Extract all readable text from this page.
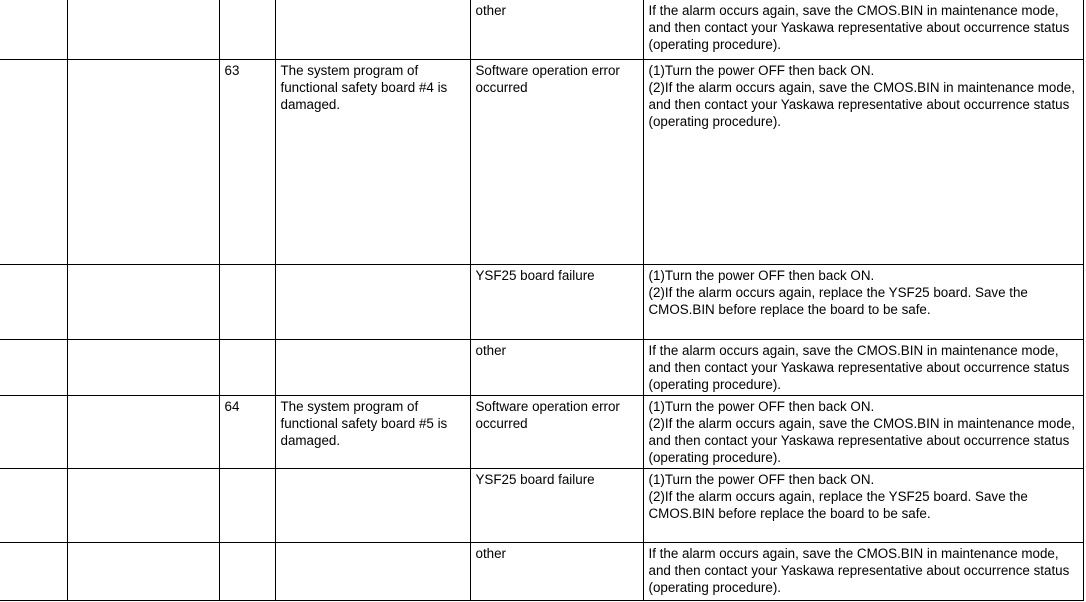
				other	If the alarm occurs again, save the CMOS.BIN in maintenance mode, and then contact your Yaskawa representative about occurrence status (operating procedure).

		63	The system program of functional safety board #4 is damaged.	Software operation error occurred	(1)Turn the power OFF then back ON.
(2)If the alarm occurs again, save the CMOS.BIN in maintenance mode, and then contact your Yaskawa representative about occurrence status (operating procedure).

				YSF25 board failure	(1)Turn the power OFF then back ON.
(2)If the alarm occurs again, replace the YSF25 board. Save the CMOS.BIN before replace the board to be safe.

				other	If the alarm occurs again, save the CMOS.BIN in maintenance mode, and then contact your Yaskawa representative about occurrence status (operating procedure).

		64	The system program of functional safety board #5 is damaged.	Software operation error occurred	(1)Turn the power OFF then back ON.
(2)If the alarm occurs again, save the CMOS.BIN in maintenance mode, and then contact your Yaskawa representative about occurrence status (operating procedure).

				YSF25 board failure	(1)Turn the power OFF then back ON.
(2)If the alarm occurs again, replace the YSF25 board. Save the CMOS.BIN before replace the board to be safe.

				other	If the alarm occurs again, save the CMOS.BIN in maintenance mode, and then contact your Yaskawa representative about occurrence status (operating procedure).
